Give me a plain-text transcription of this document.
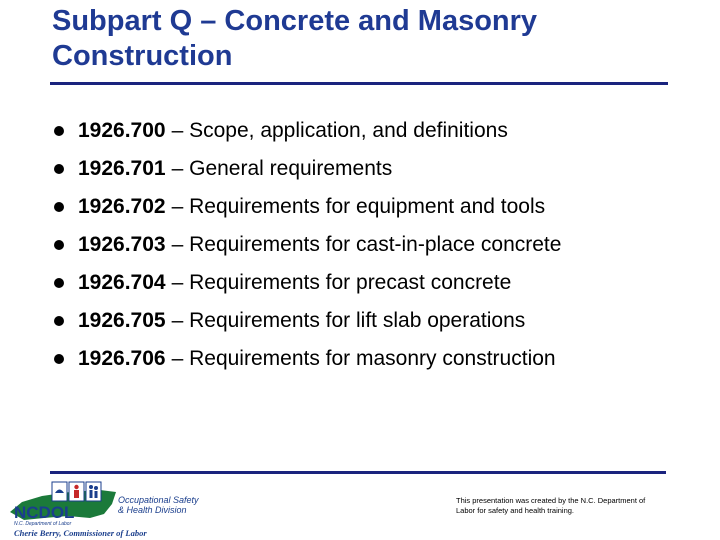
Subpart Q – Concrete and Masonry Construction
1926.700 – Scope, application, and definitions
1926.701 – General requirements
1926.702 – Requirements for equipment and tools
1926.703 – Requirements for cast-in-place concrete
1926.704 – Requirements for precast concrete
1926.705 – Requirements for lift slab operations
1926.706 – Requirements for masonry construction
NCDOL
N.C. Department of Labor
Occupational Safety
& Health Division
Cherie Berry, Commissioner of Labor
This presentation was created by the N.C. Department of Labor for safety and health training.
